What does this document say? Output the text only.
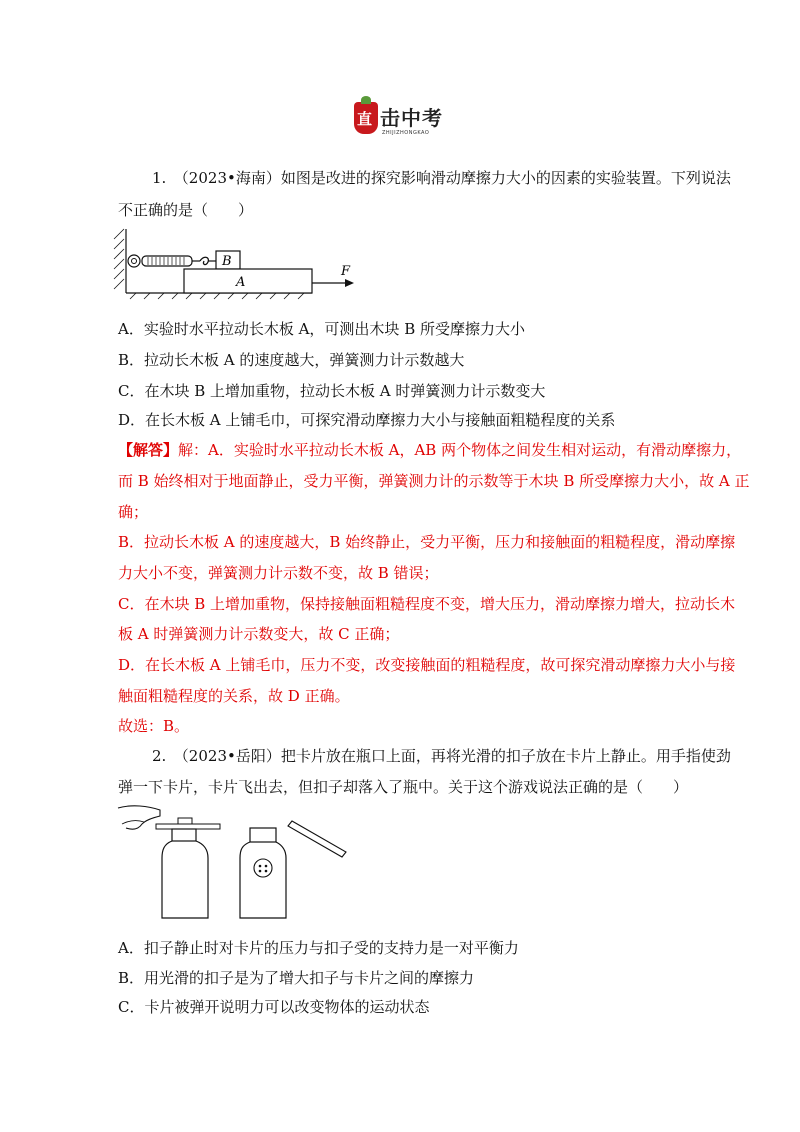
直 击中考
ZHIJIZHONGKAO
1.　（2023•海南）如图是改进的探究影响滑动摩擦力大小的因素的实验装置。下列说法
不正确的是（　　）
B
A
F
A．实验时水平拉动长木板 A，可测出木块 B 所受摩擦力大小
B．拉动长木板 A 的速度越大，弹簧测力计示数越大
C．在木块 B 上增加重物，拉动长木板 A 时弹簧测力计示数变大
D．在长木板 A 上铺毛巾，可探究滑动摩擦力大小与接触面粗糙程度的关系
【解答】解：A．实验时水平拉动长木板 A，AB 两个物体之间发生相对运动，有滑动摩擦力，
而 B 始终相对于地面静止，受力平衡，弹簧测力计的示数等于木块 B 所受摩擦力大小，故 A 正
确；
B．拉动长木板 A 的速度越大，B 始终静止，受力平衡，压力和接触面的粗糙程度，滑动摩擦
力大小不变，弹簧测力计示数不变，故 B 错误；
C．在木块 B 上增加重物，保持接触面粗糙程度不变，增大压力，滑动摩擦力增大，拉动长木
板 A 时弹簧测力计示数变大，故 C 正确；
D．在长木板 A 上铺毛巾，压力不变，改变接触面的粗糙程度，故可探究滑动摩擦力大小与接
触面粗糙程度的关系，故 D 正确。
故选：B。
2.　（2023•岳阳）把卡片放在瓶口上面，再将光滑的扣子放在卡片上静止。用手指使劲
弹一下卡片，卡片飞出去，但扣子却落入了瓶中。关于这个游戏说法正确的是（　　）
A．扣子静止时对卡片的压力与扣子受的支持力是一对平衡力
B．用光滑的扣子是为了增大扣子与卡片之间的摩擦力
C．卡片被弹开说明力可以改变物体的运动状态
